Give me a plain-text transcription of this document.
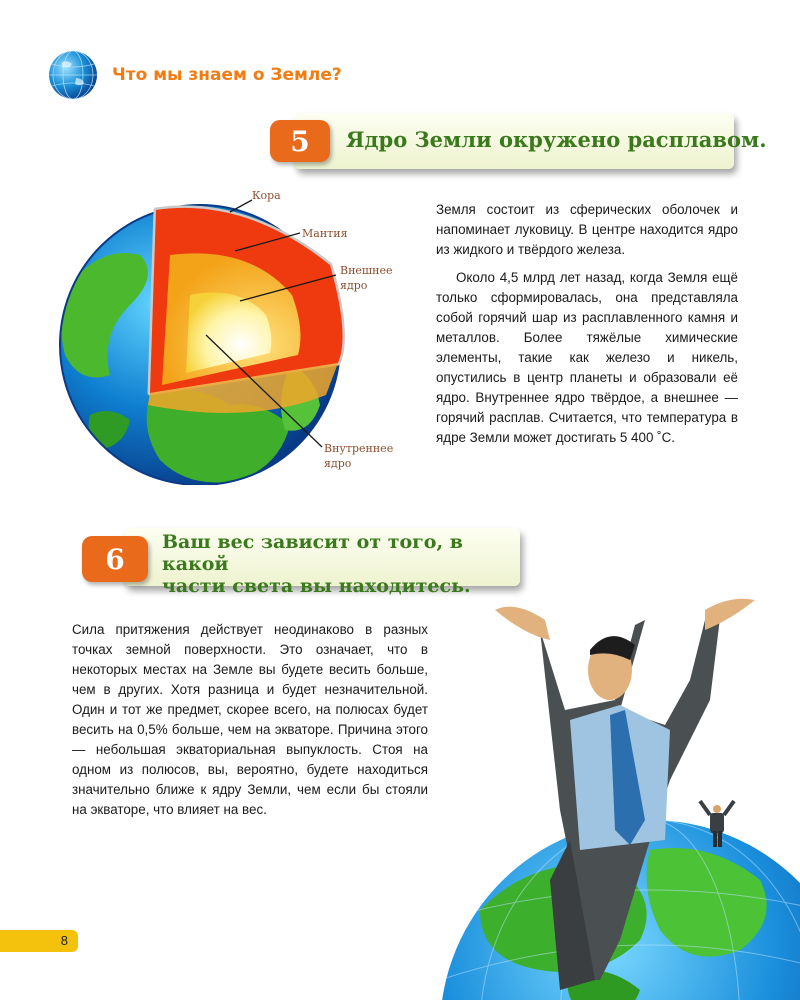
Что мы знаем о Земле?
5	Ядро Земли окружено расплавом.
Кора
Мантия
Внешнее
ядро
Внутреннее
ядро

Земля состоит из сферических оболочек и напоминает луковицу. В центре находится ядро из жидкого и твёрдого железа.

Около 4,5 млрд лет назад, когда Земля ещё только сформировалась, она представляла собой горячий шар из расплавленного камня и металлов. Более тяжёлые химические элементы, такие как железо и никель, опустились в центр планеты и образовали её ядро. Внутреннее ядро твёрдое, а внешнее — горячий расплав. Считается, что температура в ядре Земли может достигать 5 400 ˚С.

6
Ваш вес зависит от того, в какой
части света вы находитесь.

Сила притяжения действует неодинаково в разных точках земной поверхности. Это означает, что в некоторых местах на Земле вы будете весить больше, чем в других. Хотя разница и будет незначительной. Один и тот же предмет, скорее всего, на полюсах будет весить на 0,5% больше, чем на экваторе. Причина этого — небольшая экваториальная выпуклость. Стоя на одном из полюсов, вы, вероятно, будете находиться значительно ближе к ядру Земли, чем если бы стояли на экваторе, что влияет на вес.

8
